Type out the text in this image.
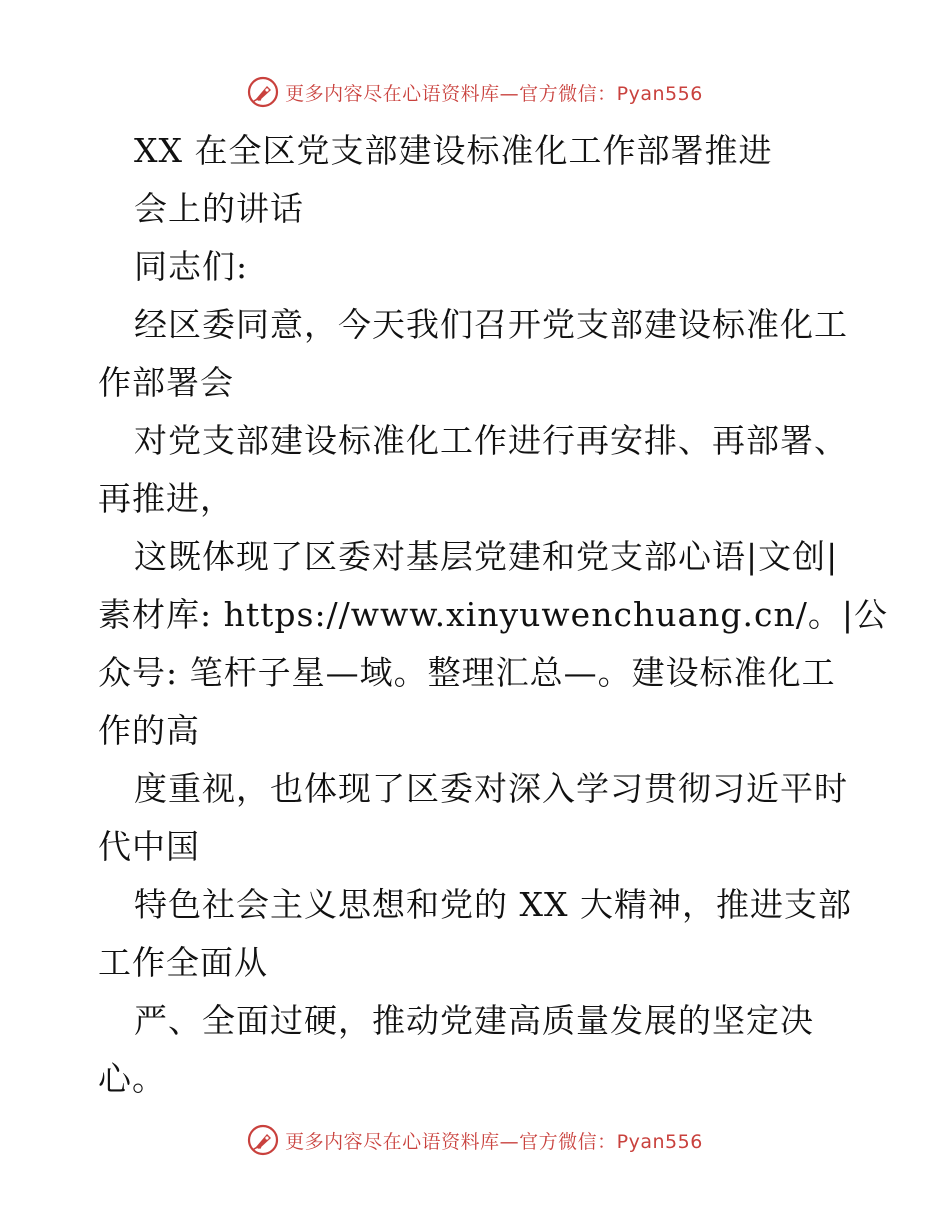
更多内容尽在心语资料库—官方微信：Pyan556
XX 在全区党支部建设标准化工作部署推进
会上的讲话
同志们:
经区委同意，今天我们召开党支部建设标准化工
作部署会
对党支部建设标准化工作进行再安排、再部署、
再推进，
这既体现了区委对基层党建和党支部心语|文创|
素材库: https://www.xinyuwenchuang.cn/。|公
众号: 笔杆子星—域。整理汇总—。建设标准化工
作的高
度重视，也体现了区委对深入学习贯彻习近平时
代中国
特色社会主义思想和党的 XX 大精神，推进支部
工作全面从
严、全面过硬，推动党建高质量发展的坚定决
心。
更多内容尽在心语资料库—官方微信：Pyan556
